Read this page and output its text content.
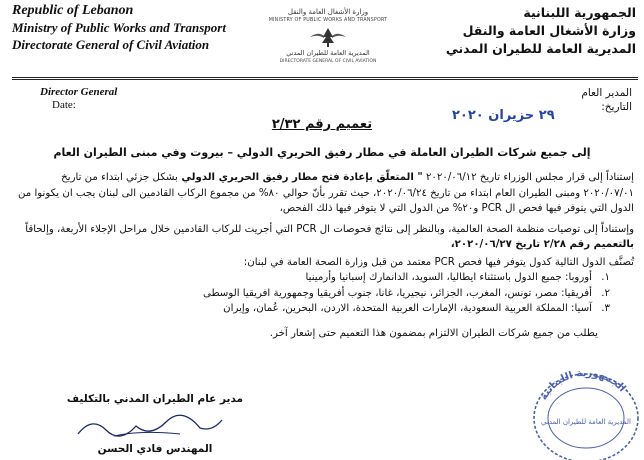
Republic of Lebanon
Ministry of Public Works and Transport
Directorate General of Civil Aviation
وزارة الأشغال العامة والنقل
MINISTRY OF PUBLIC WORKS AND TRANSPORT
المديرية العامة للطيران المدني
DIRECTORATE GENERAL OF CIVIL AVIATION
الجمهورية اللبنانية
وزارة الأشغال العامة والنقل
المديرية العامة للطيران المدني
Director General
Date:
المدير العام
التاريخ:
٢٩ حزيران ٢٠٢٠
تعميم رقم ٢/٣٢
إلى جميع شركات الطيران العاملة في مطار رفيق الحريري الدولي – بيروت وفي مبنى الطيران العام

إستناداً إلى قرار مجلس الوزراء تاريخ ٢٠٢٠/٠٦/١٢ " المتعلّق بإعادة فتح مطار رفيق الحريري الدولي بشكل جزئي ابتداء من تاريخ ٢٠٢٠/٠٧/٠١ ومبنى الطيران العام ابتداء من تاريخ ٢٠٢٠/٠٦/٢٤، حيث تقرر بأنّ حوالي ٨٠% من مجموع الركاب القادمين الى لبنان يجب ان يكونوا من الدول التي يتوفر فيها فحص ال PCR و٢٠% من الدول التي لا يتوفر فيها ذلك الفحص،

وإستناداً إلى توصيات منظمة الصحة العالمية، وبالنظر إلى نتائج فحوصات ال PCR التي أجريت للركاب القادمين خلال مراحل الإجلاء الأربعة، وإلحاقاً بالتعميم رقم ٢/٢٨ تاريخ ٢٠٢٠/٠٦/٢٧،

تُصنَّف الدول التالية كدول يتوفر فيها فحص PCR معتمد من قبل وزارة الصحة العامة في لبنان:

١.أوروبا: جميع الدول باستثناء ايطاليا، السويد، الدانمارك إسبانيا وأرمينيا
٢.أفريقيا: مصر، تونس، المغرب، الجزائر، نيجيريا، غانا، جنوب أفريقيا وجمهورية افريقيا الوسطى
٣.آسيا: المملكة العربية السعودية، الإمارات العربية المتحدة، الاردن، البحرين، عُمان، وإيران

يطلب من جميع شركات الطيران الالتزام بمضمون هذا التعميم حتى إشعار آخر.

مدير عام الطيران المدني بالتكليف
المهندس فادي الحسن
الجمهورية اللبنانية
المديرية العامة للطيران المدني
